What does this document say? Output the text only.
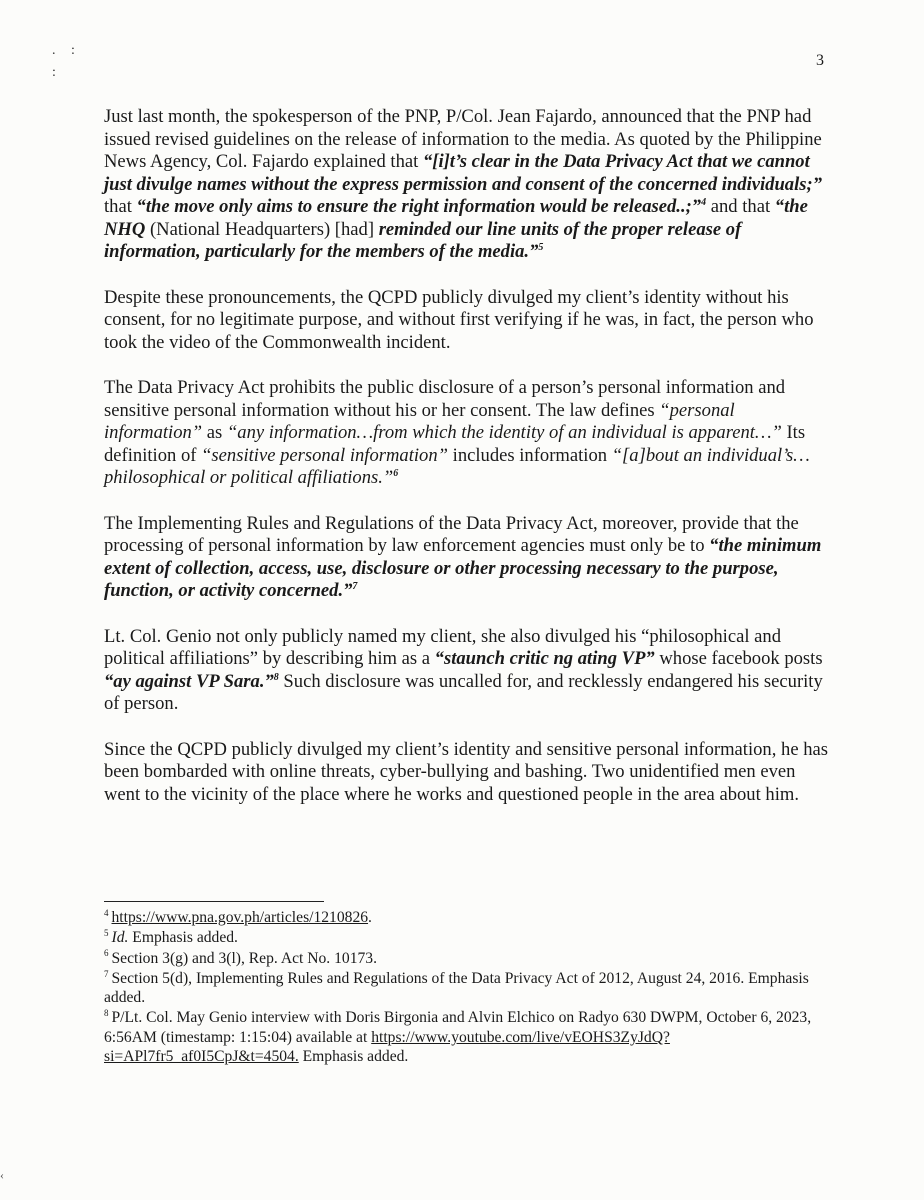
. :
:
3

Just last month, the spokesperson of the PNP, P/Col. Jean Fajardo, announced that the PNP had issued revised guidelines on the release of information to the media. As quoted by the Philippine News Agency, Col. Fajardo explained that “[i]t’s clear in the Data Privacy Act that we cannot just divulge names without the express permission and consent of the concerned individuals;” that “the move only aims to ensure the right information would be released..;”$^4$ and that “the NHQ (National Headquarters) [had] reminded our line units of the proper release of information, particularly for the members of the media.”$^5$

Despite these pronouncements, the QCPD publicly divulged my client’s identity without his consent, for no legitimate purpose, and without first verifying if he was, in fact, the person who took the video of the Commonwealth incident.

The Data Privacy Act prohibits the public disclosure of a person’s personal information and sensitive personal information without his or her consent. The law defines “personal information” as “any information…from which the identity of an individual is apparent…” Its definition of “sensitive personal information” includes information “[a]bout an individual’s…philosophical or political affiliations.”$^6$

The Implementing Rules and Regulations of the Data Privacy Act, moreover, provide that the processing of personal information by law enforcement agencies must only be to “the minimum extent of collection, access, use, disclosure or other processing necessary to the purpose, function, or activity concerned.”$^7$

Lt. Col. Genio not only publicly named my client, she also divulged his “philosophical and political affiliations” by describing him as a “staunch critic ng ating VP” whose facebook posts “ay against VP Sara.”$^8$ Such disclosure was uncalled for, and recklessly endangered his security of person.

Since the QCPD publicly divulged my client’s identity and sensitive personal information, he has been bombarded with online threats, cyber-bullying and bashing. Two unidentified men even went to the vicinity of the place where he works and questioned people in the area about him.

$^4$ https://www.pna.gov.ph/articles/1210826.

$^5$ Id. Emphasis added.

$^6$ Section 3(g) and 3(l), Rep. Act No. 10173.

$^7$ Section 5(d), Implementing Rules and Regulations of the Data Privacy Act of 2012, August 24, 2016. Emphasis added.

$^8$ P/Lt. Col. May Genio interview with Doris Birgonia and Alvin Elchico on Radyo 630 DWPM, October 6, 2023, 6:56AM (timestamp: 1:15:04) available at https://www.youtube.com/live/vEOHS3ZyJdQ?si=APl7fr5_af0I5CpJ&t=4504. Emphasis added.

‹
